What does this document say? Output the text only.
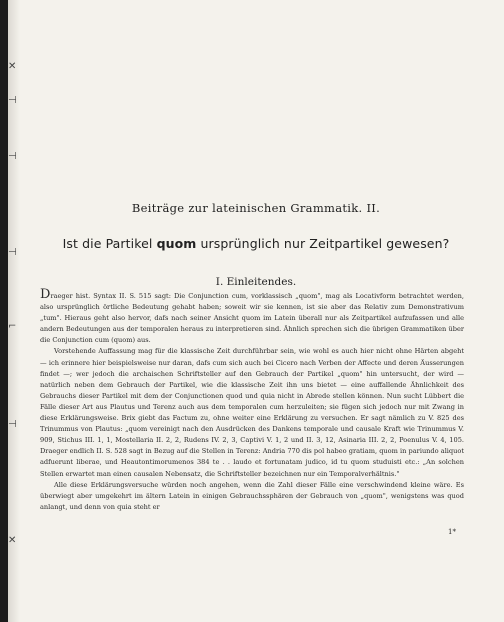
✕
⊣
⊣
⊣
⌐
⊣
✕
Beiträge zur lateinischen Grammatik. II.
Ist die Partikel quom ursprünglich nur Zeitpartikel gewesen?
I. Einleitendes.

Draeger hist. Syntax II. S. 515 sagt: Die Conjunction cum, vorklassisch „quom", mag als Locativform betrachtet werden, also ursprünglich örtliche Bedeutung gehabt haben; soweit wir sie kennen, ist sie aber das Relativ zum Demonstrativum „tum". Hieraus geht also hervor, dafs nach seiner Ansicht quom im Latein überall nur als Zeitpartikel aufzufassen und alle andern Bedeutungen aus der temporalen heraus zu interpretieren sind. Ähnlich sprechen sich die übrigen Grammatiken über die Conjunction cum (quom) aus.

Vorstehende Auffassung mag für die klassische Zeit durchführbar sein, wie wohl es auch hier nicht ohne Härten abgeht — ich erinnere hier beispielsweise nur daran, dafs cum sich auch bei Cicero nach Verben der Affecte und deren Äusserungen findet —; wer jedoch die archaischen Schriftsteller auf den Gebrauch der Partikel „quom" hin untersucht, der wird — natürlich neben dem Gebrauch der Partikel, wie die klassische Zeit ihn uns bietet — eine auffallende Ähnlichkeit des Gebrauchs dieser Partikel mit dem der Conjunctionen quod und quia nicht in Abrede stellen können. Nun sucht Lübbert die Fälle dieser Art aus Plautus und Terenz auch aus dem temporalen cum herzuleiten; sie fügen sich jedoch nur mit Zwang in diese Erklärungsweise. Brix giebt das Factum zu, ohne weiter eine Erklärung zu versuchen. Er sagt nämlich zu V. 825 des Trinummus von Plautus: „quom vereinigt nach den Ausdrücken des Dankens temporale und causale Kraft wie Trinummus V. 909, Stichus III. 1, 1, Mostellaria II. 2, 2, Rudens IV. 2, 3, Captivi V. 1, 2 und II. 3, 12, Asinaria III. 2, 2, Poenulus V. 4, 105. Draeger endlich II. S. 528 sagt in Bezug auf die Stellen in Terenz: Andria 770 dis pol habeo gratiam, quom in pariundo aliquot adfuerunt liberae, und Heautontimorumenos 384 te . . laudo et fortunatam judico, id tu quom studuisti etc.: „An solchen Stellen erwartet man einen causalen Nebensatz, die Schriftsteller bezeichnen nur ein Temporalverhältnis."

Alle diese Erklärungsversuche würden noch angehen, wenn die Zahl dieser Fälle eine verschwindend kleine wäre. Es überwiegt aber umgekehrt im ältern Latein in einigen Gebrauchssphären der Gebrauch von „quom", wenigstens was quod anlangt, und denn von quia steht er

1*
